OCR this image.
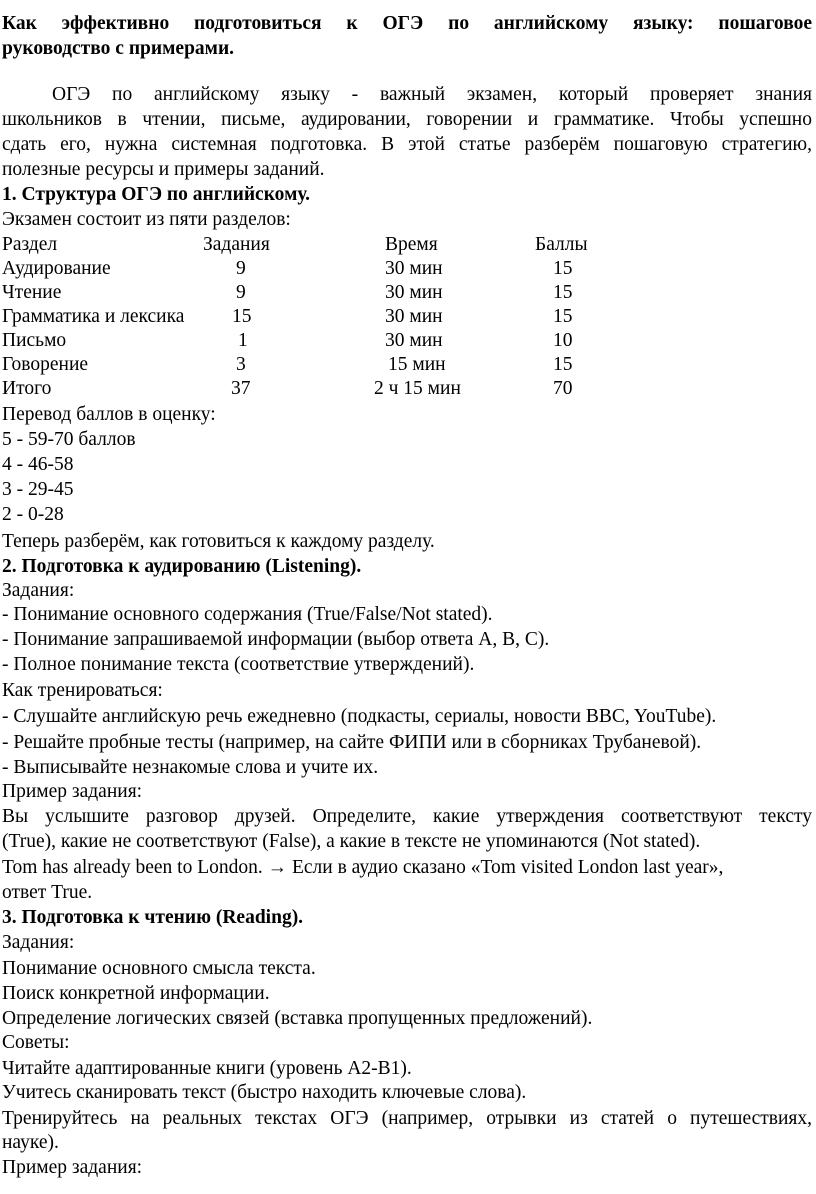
Как эффективно подготовиться к ОГЭ по английскому языку: пошаговое
руководство с примерами.
ОГЭ по английскому языку - важный экзамен, который проверяет знания
школьников в чтении, письме, аудировании, говорении и грамматике. Чтобы успешно
сдать его, нужна системная подготовка. В этой статье разберём пошаговую стратегию,
полезные ресурсы и примеры заданий.
1. Структура ОГЭ по английскому.
Экзамен состоит из пяти разделов:
Раздел	Задания	Время	Баллы
Аудирование	9	30 мин	15
Чтение	9	30 мин	15
Грамматика и лексика 15	30 мин	15
Письмо	1	30 мин	10
Говорение	3	15 мин	15
Итого	37	2 ч 15 мин	70
Перевод баллов в оценку:
5 - 59-70 баллов
4 - 46-58
3 - 29-45
2 - 0-28
Теперь разберём, как готовиться к каждому разделу.
2. Подготовка к аудированию (Listening).
Задания:
- Понимание основного содержания (True/False/Not stated).
- Понимание запрашиваемой информации (выбор ответа A, B, C).
- Полное понимание текста (соответствие утверждений).
Как тренироваться:
- Слушайте английскую речь ежедневно (подкасты, сериалы, новости BBC, YouTube).
- Решайте пробные тесты (например, на сайте ФИПИ или в сборниках Трубаневой).
- Выписывайте незнакомые слова и учите их.
Пример задания:
Вы услышите разговор друзей. Определите, какие утверждения соответствуют тексту
(True), какие не соответствуют (False), а какие в тексте не упоминаются (Not stated).
Tom has already been to London. → Если в аудио сказано «Tom visited London last year»,
ответ True.
3. Подготовка к чтению (Reading).
Задания:
Понимание основного смысла текста.
Поиск конкретной информации.
Определение логических связей (вставка пропущенных предложений).
Советы:
Читайте адаптированные книги (уровень A2-B1).
Учитесь сканировать текст (быстро находить ключевые слова).
Тренируйтесь на реальных текстах ОГЭ (например, отрывки из статей о путешествиях,
науке).
Пример задания:
